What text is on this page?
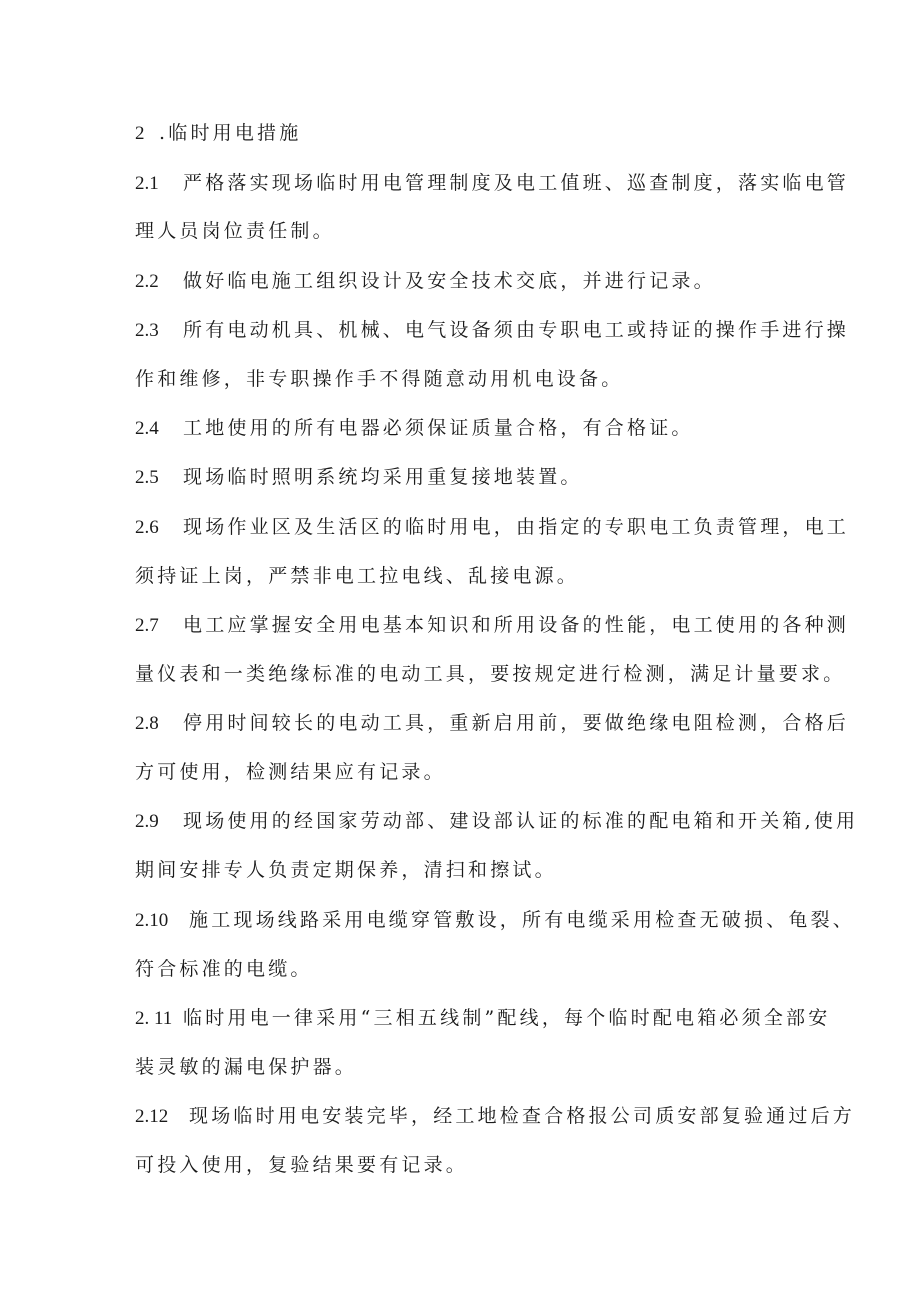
2 .临时用电措施
2.1 严格落实现场临时用电管理制度及电工值班、巡查制度，落实临电管
理人员岗位责任制。
2.2 做好临电施工组织设计及安全技术交底，并进行记录。
2.3 所有电动机具、机械、电气设备须由专职电工或持证的操作手进行操
作和维修，非专职操作手不得随意动用机电设备。
2.4 工地使用的所有电器必须保证质量合格，有合格证。
2.5 现场临时照明系统均采用重复接地装置。
2.6 现场作业区及生活区的临时用电，由指定的专职电工负责管理，电工
须持证上岗，严禁非电工拉电线、乱接电源。
2.7 电工应掌握安全用电基本知识和所用设备的性能，电工使用的各种测
量仪表和一类绝缘标准的电动工具，要按规定进行检测，满足计量要求。
2.8 停用时间较长的电动工具，重新启用前，要做绝缘电阻检测，合格后
方可使用，检测结果应有记录。
2.9 现场使用的经国家劳动部、建设部认证的标准的配电箱和开关箱,使用
期间安排专人负责定期保养，清扫和擦试。
2.10 施工现场线路采用电缆穿管敷设，所有电缆采用检查无破损、龟裂、
符合标准的电缆。
2. 11 临时用电一律采用“三相五线制”配线，每个临时配电箱必须全部安
装灵敏的漏电保护器。
2.12 现场临时用电安装完毕，经工地检查合格报公司质安部复验通过后方
可投入使用，复验结果要有记录。
